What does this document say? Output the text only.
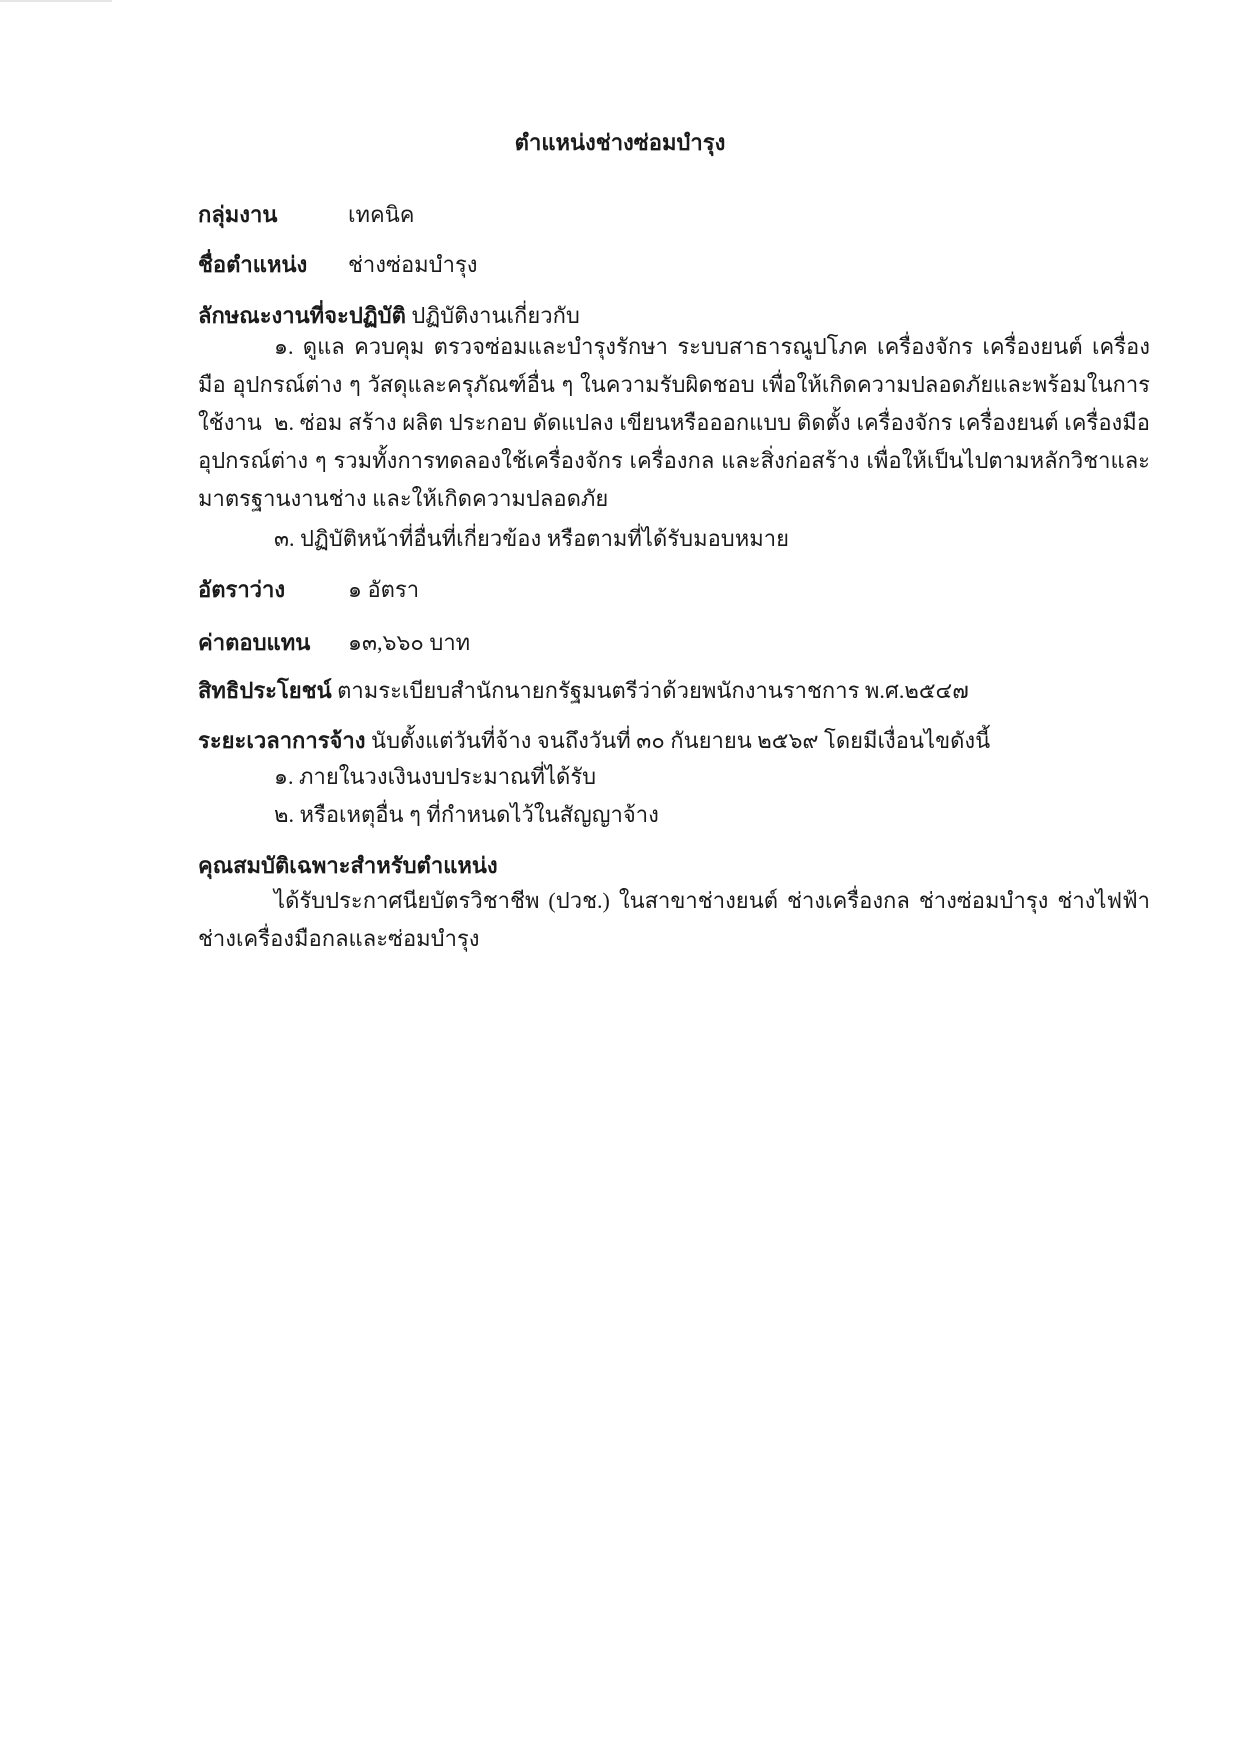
ตำแหน่งช่างซ่อมบำรุง
กลุ่มงาน	เทคนิค
ชื่อตำแหน่ง ช่างซ่อมบำรุง
ลักษณะงานที่จะปฏิบัติ ปฏิบัติงานเกี่ยวกับ
๑. ดูแล ควบคุม ตรวจซ่อมและบำรุงรักษา ระบบสาธารณูปโภค เครื่องจักร เครื่องยนต์ เครื่องมือ อุปกรณ์ต่าง ๆ วัสดุและครุภัณฑ์อื่น ๆ ในความรับผิดชอบ เพื่อให้เกิดความปลอดภัยและพร้อมในการใช้งาน ๒. ซ่อม สร้าง ผลิต ประกอบ ดัดแปลง เขียนหรือออกแบบ ติดตั้ง เครื่องจักร เครื่องยนต์ เครื่องมือ อุปกรณ์ต่าง ๆ รวมทั้งการทดลองใช้เครื่องจักร เครื่องกล และสิ่งก่อสร้าง เพื่อให้เป็นไปตามหลักวิชาและมาตรฐานงานช่าง และให้เกิดความปลอดภัย
๓. ปฏิบัติหน้าที่อื่นที่เกี่ยวข้อง หรือตามที่ได้รับมอบหมาย
อัตราว่าง	๑ อัตรา
ค่าตอบแทน ๑๓,๖๖๐ บาท
สิทธิประโยชน์ ตามระเบียบสำนักนายกรัฐมนตรีว่าด้วยพนักงานราชการ พ.ศ.๒๕๔๗
ระยะเวลาการจ้าง นับตั้งแต่วันที่จ้าง จนถึงวันที่ ๓๐ กันยายน ๒๕๖๙ โดยมีเงื่อนไขดังนี้
๑. ภายในวงเงินงบประมาณที่ได้รับ
๒. หรือเหตุอื่น ๆ ที่กำหนดไว้ในสัญญาจ้าง
คุณสมบัติเฉพาะสำหรับตำแหน่ง
ได้รับประกาศนียบัตรวิชาชีพ (ปวช.) ในสาขาช่างยนต์ ช่างเครื่องกล ช่างซ่อมบำรุง ช่างไฟฟ้า ช่างเครื่องมือกลและซ่อมบำรุง
